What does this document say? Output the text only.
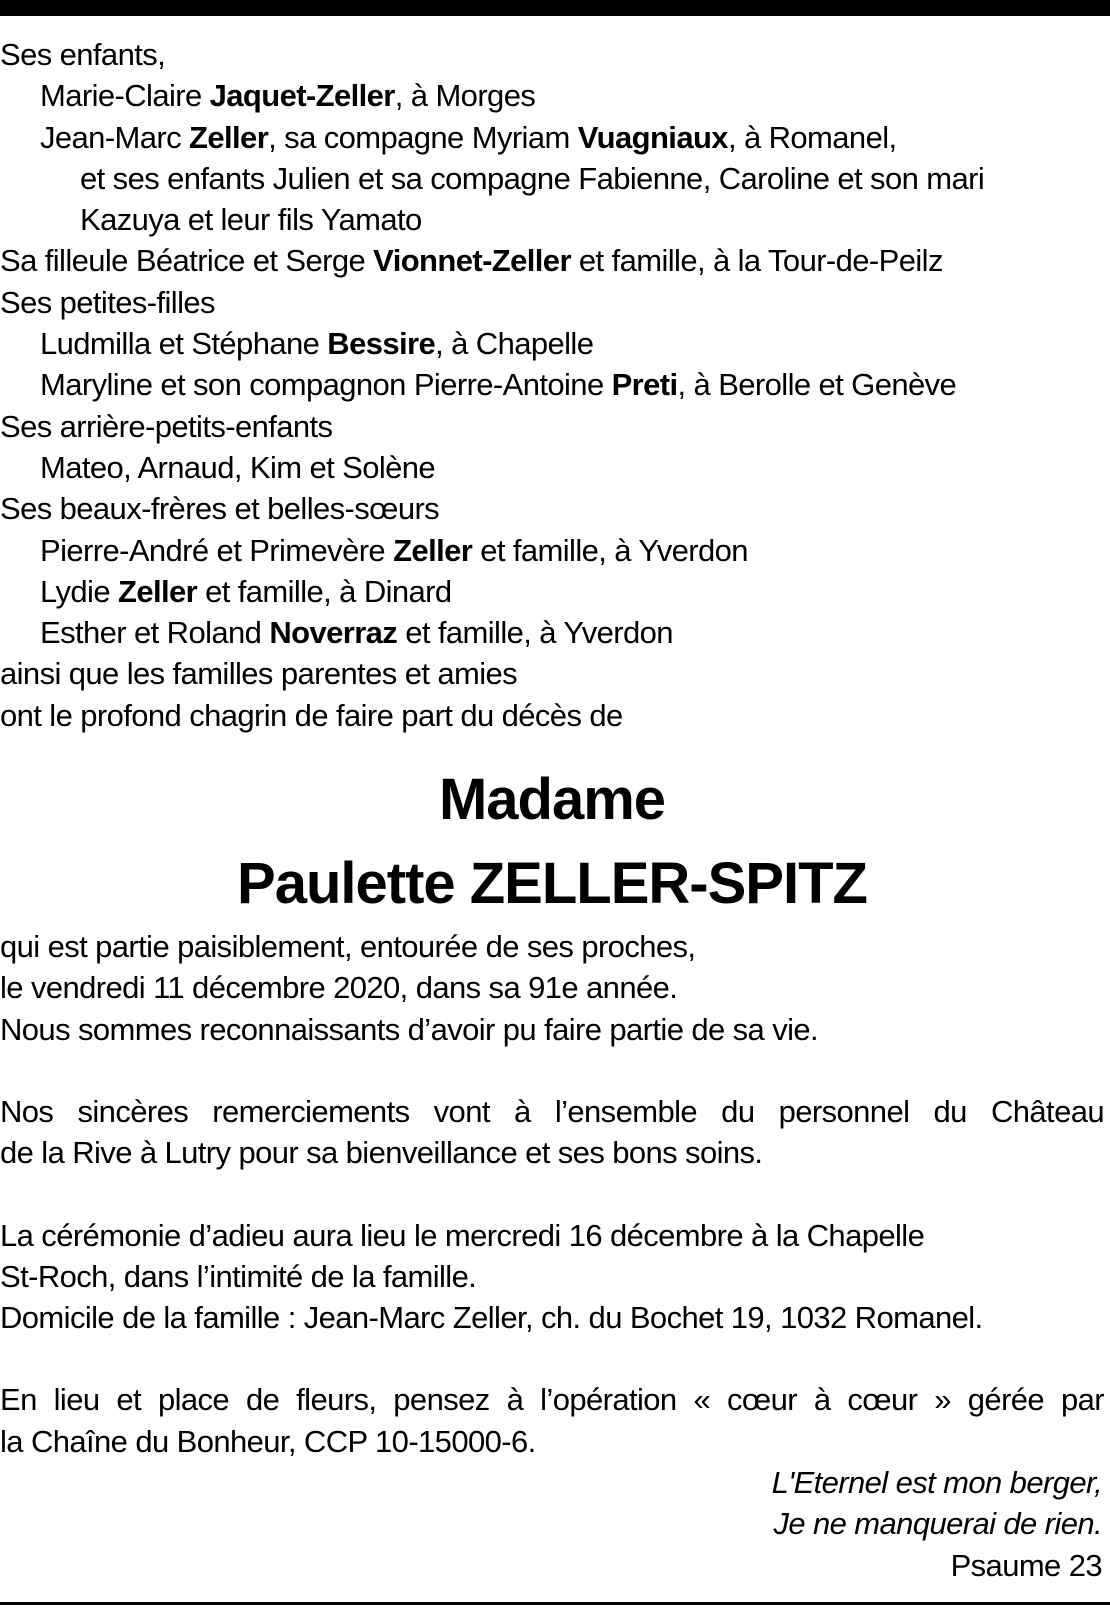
Ses enfants,
Marie-Claire Jaquet-Zeller, à Morges
Jean-Marc Zeller, sa compagne Myriam Vuagniaux, à Romanel,
et ses enfants Julien et sa compagne Fabienne, Caroline et son mari
Kazuya et leur fils Yamato
Sa filleule Béatrice et Serge Vionnet-Zeller et famille, à la Tour-de-Peilz
Ses petites-filles
Ludmilla et Stéphane Bessire, à Chapelle
Maryline et son compagnon Pierre-Antoine Preti, à Berolle et Genève
Ses arrière-petits-enfants
Mateo, Arnaud, Kim et Solène
Ses beaux-frères et belles-sœurs
Pierre-André et Primevère Zeller et famille, à Yverdon
Lydie Zeller et famille, à Dinard
Esther et Roland Noverraz et famille, à Yverdon
ainsi que les familles parentes et amies
ont le profond chagrin de faire part du décès de
Madame
Paulette ZELLER-SPITZ
qui est partie paisiblement, entourée de ses proches,
le vendredi 11 décembre 2020, dans sa 91e année.
Nous sommes reconnaissants d’avoir pu faire partie de sa vie.
Nos sincères remerciements vont à l’ensemble du personnel du Château
de la Rive à Lutry pour sa bienveillance et ses bons soins.
La cérémonie d’adieu aura lieu le mercredi 16 décembre à la Chapelle
St-Roch, dans l’intimité de la famille.
Domicile de la famille : Jean-Marc Zeller, ch. du Bochet 19, 1032 Romanel.
En lieu et place de fleurs, pensez à l’opération « cœur à cœur » gérée par
la Chaîne du Bonheur, CCP 10-15000-6.
L'Eternel est mon berger,
Je ne manquerai de rien.
Psaume 23
